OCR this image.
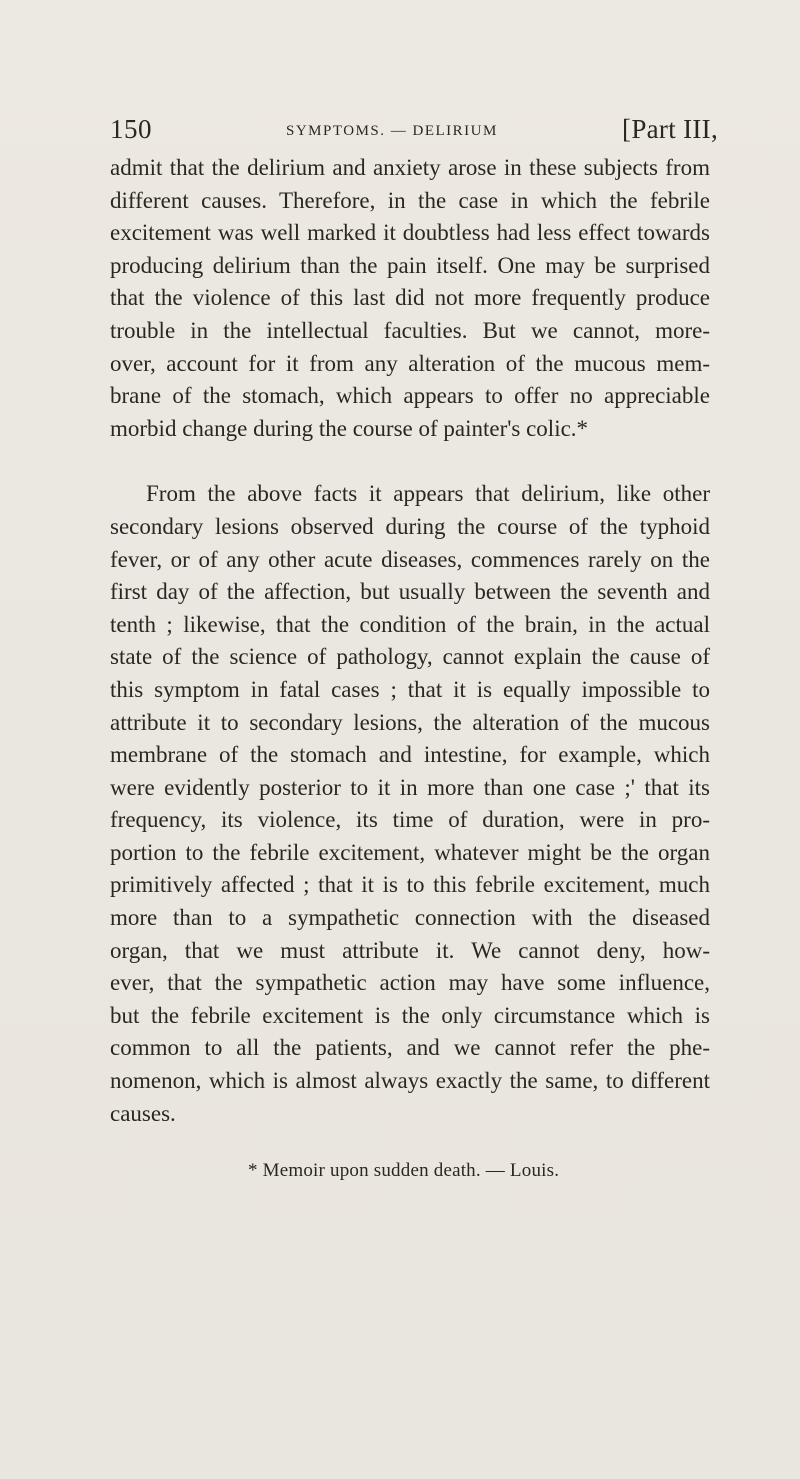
150	SYMPTOMS. — DELIRIUM	[Part III,

admit that the delirium and anxiety arose in these subjects from

different causes. Therefore, in the case in which the febrile

excitement was well marked it doubtless had less effect towards

producing delirium than the pain itself. One may be surprised

that the violence of this last did not more frequently produce

trouble in the intellectual faculties. But we cannot, more-

over, account for it from any alteration of the mucous mem-

brane of the stomach, which appears to offer no appreciable

morbid change during the course of painter's colic.*

From the above facts it appears that delirium, like other

secondary lesions observed during the course of the typhoid

fever, or of any other acute diseases, commences rarely on the

first day of the affection, but usually between the seventh and

tenth ; likewise, that the condition of the brain, in the actual

state of the science of pathology, cannot explain the cause of

this symptom in fatal cases ; that it is equally impossible to

attribute it to secondary lesions, the alteration of the mucous

membrane of the stomach and intestine, for example, which

were evidently posterior to it in more than one case ;' that its

frequency, its violence, its time of duration, were in pro-

portion to the febrile excitement, whatever might be the organ

primitively affected ; that it is to this febrile excitement, much

more than to a sympathetic connection with the diseased

organ, that we must attribute it. We cannot deny, how-

ever, that the sympathetic action may have some influence,

but the febrile excitement is the only circumstance which is

common to all the patients, and we cannot refer the phe-

nomenon, which is almost always exactly the same, to different

causes.

* Memoir upon sudden death. — Louis.
